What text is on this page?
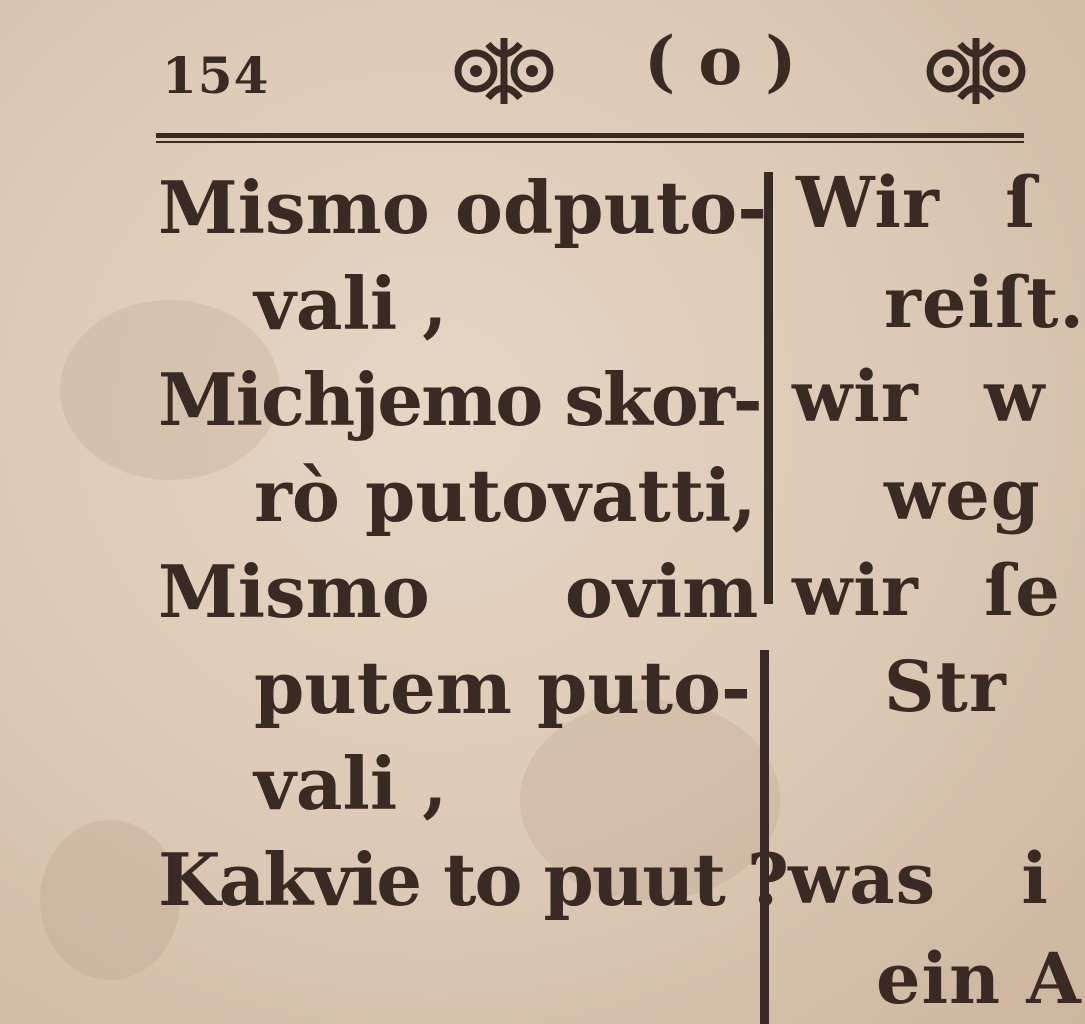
154	( o )
Mismo odputo-
vali ,
Michjemo skor-
rò putovatti,
Mismo ovim
putem puto-
vali ,
Kakvie to puut ?
Wir ſ
reiſt.
wir w
weg
wir ſe
Str
was i
ein A
